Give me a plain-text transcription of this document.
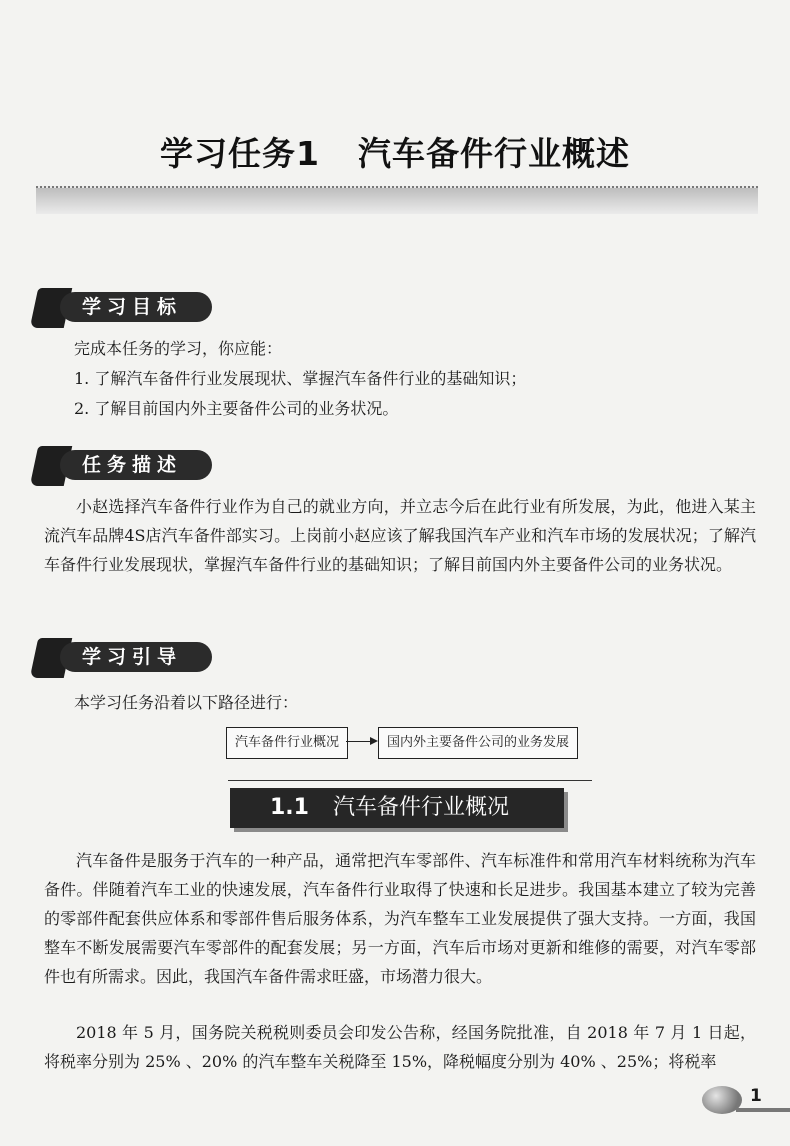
学习任务1 汽车备件行业概述
学习目标
完成本任务的学习，你应能：
1. 了解汽车备件行业发展现状、掌握汽车备件行业的基础知识；
2. 了解目前国内外主要备件公司的业务状况。
任务描述
小赵选择汽车备件行业作为自己的就业方向，并立志今后在此行业有所发展，为此，他进入某主流汽车品牌4S店汽车备件部实习。上岗前小赵应该了解我国汽车产业和汽车市场的发展状况；了解汽车备件行业发展现状，掌握汽车备件行业的基础知识；了解目前国内外主要备件公司的业务状况。
学习引导
本学习任务沿着以下路径进行：
汽车备件行业概况	国内外主要备件公司的业务发展
1.1 汽车备件行业概况
汽车备件是服务于汽车的一种产品，通常把汽车零部件、汽车标准件和常用汽车材料统称为汽车备件。伴随着汽车工业的快速发展，汽车备件行业取得了快速和长足进步。我国基本建立了较为完善的零部件配套供应体系和零部件售后服务体系，为汽车整车工业发展提供了强大支持。一方面，我国整车不断发展需要汽车零部件的配套发展；另一方面，汽车后市场对更新和维修的需要，对汽车零部件也有所需求。因此，我国汽车备件需求旺盛，市场潜力很大。
2018 年 5 月，国务院关税税则委员会印发公告称，经国务院批准，自 2018 年 7 月 1 日起，将税率分别为 25% 、20% 的汽车整车关税降至 15%，降税幅度分别为 40% 、25%；将税率
1
